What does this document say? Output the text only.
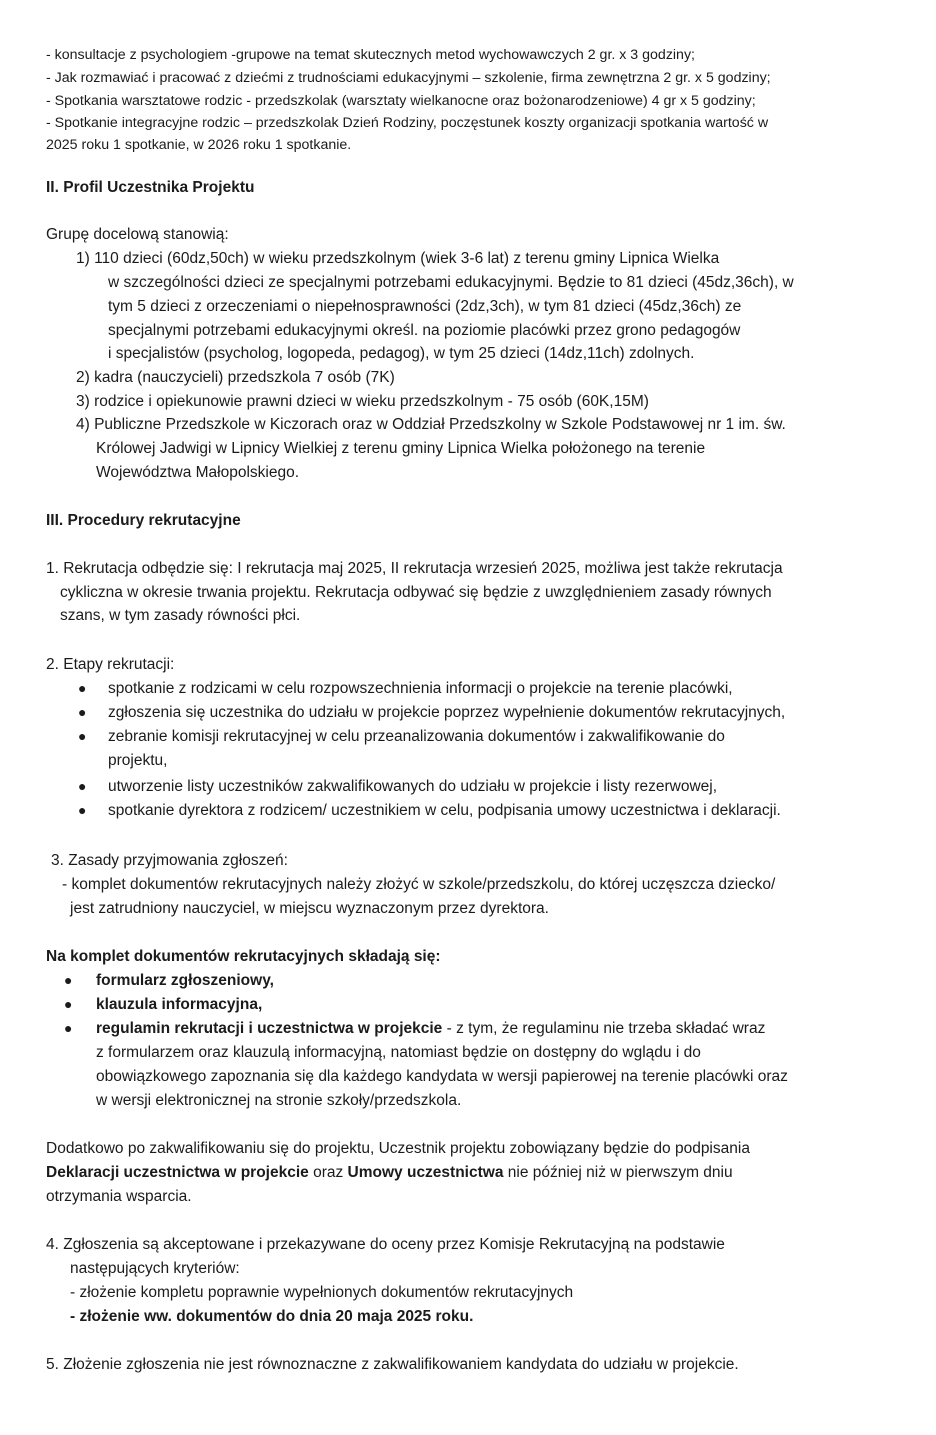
- konsultacje z psychologiem -grupowe na temat skutecznych metod wychowawczych 2 gr. x 3 godziny;
- Jak rozmawiać i pracować z dziećmi z trudnościami edukacyjnymi – szkolenie, firma zewnętrzna 2 gr. x 5 godziny;
- Spotkania warsztatowe rodzic - przedszkolak (warsztaty wielkanocne oraz bożonarodzeniowe) 4 gr x 5 godziny;
- Spotkanie integracyjne rodzic – przedszkolak Dzień Rodziny, poczęstunek koszty organizacji spotkania wartość w
2025 roku 1 spotkanie, w 2026 roku 1 spotkanie.
II. Profil Uczestnika Projektu
Grupę docelową stanowią:
1) 110 dzieci (60dz,50ch) w wieku przedszkolnym (wiek 3-6 lat) z terenu gminy Lipnica Wielka
w szczególności dzieci ze specjalnymi potrzebami edukacyjnymi. Będzie to 81 dzieci (45dz,36ch), w
tym 5 dzieci z orzeczeniami o niepełnosprawności (2dz,3ch), w tym 81 dzieci (45dz,36ch) ze
specjalnymi potrzebami edukacyjnymi określ. na poziomie placówki przez grono pedagogów
i specjalistów (psycholog, logopeda, pedagog), w tym 25 dzieci (14dz,11ch) zdolnych.
2) kadra (nauczycieli) przedszkola 7 osób (7K)
3) rodzice i opiekunowie prawni dzieci w wieku przedszkolnym - 75 osób (60K,15M)
4) Publiczne Przedszkole w Kiczorach oraz w Oddział Przedszkolny w Szkole Podstawowej nr 1 im. św.
Królowej Jadwigi w Lipnicy Wielkiej z terenu gminy Lipnica Wielka położonego na terenie
Województwa Małopolskiego.
III. Procedury rekrutacyjne
1. Rekrutacja odbędzie się: I rekrutacja maj 2025, II rekrutacja wrzesień 2025, możliwa jest także rekrutacja
cykliczna w okresie trwania projektu. Rekrutacja odbywać się będzie z uwzględnieniem zasady równych
szans, w tym zasady równości płci.
2. Etapy rekrutacji:
● spotkanie z rodzicami w celu rozpowszechnienia informacji o projekcie na terenie placówki,
● zgłoszenia się uczestnika do udziału w projekcie poprzez wypełnienie dokumentów rekrutacyjnych,
● zebranie komisji rekrutacyjnej w celu przeanalizowania dokumentów i zakwalifikowanie do
projektu,
● utworzenie listy uczestników zakwalifikowanych do udziału w projekcie i listy rezerwowej,
● spotkanie dyrektora z rodzicem/ uczestnikiem w celu, podpisania umowy uczestnictwa i deklaracji.
3. Zasady przyjmowania zgłoszeń:
- komplet dokumentów rekrutacyjnych należy złożyć w szkole/przedszkolu, do której uczęszcza dziecko/
jest zatrudniony nauczyciel, w miejscu wyznaczonym przez dyrektora.
Na komplet dokumentów rekrutacyjnych składają się:
● formularz zgłoszeniowy,
● klauzula informacyjna,
● regulamin rekrutacji i uczestnictwa w projekcie - z tym, że regulaminu nie trzeba składać wraz
z formularzem oraz klauzulą informacyjną, natomiast będzie on dostępny do wglądu i do
obowiązkowego zapoznania się dla każdego kandydata w wersji papierowej na terenie placówki oraz
w wersji elektronicznej na stronie szkoły/przedszkola.
Dodatkowo po zakwalifikowaniu się do projektu, Uczestnik projektu zobowiązany będzie do podpisania
Deklaracji uczestnictwa w projekcie oraz Umowy uczestnictwa nie później niż w pierwszym dniu
otrzymania wsparcia.
4. Zgłoszenia są akceptowane i przekazywane do oceny przez Komisje Rekrutacyjną na podstawie
następujących kryteriów:
- złożenie kompletu poprawnie wypełnionych dokumentów rekrutacyjnych
- złożenie ww. dokumentów do dnia 20 maja 2025 roku.
5. Złożenie zgłoszenia nie jest równoznaczne z zakwalifikowaniem kandydata do udziału w projekcie.
